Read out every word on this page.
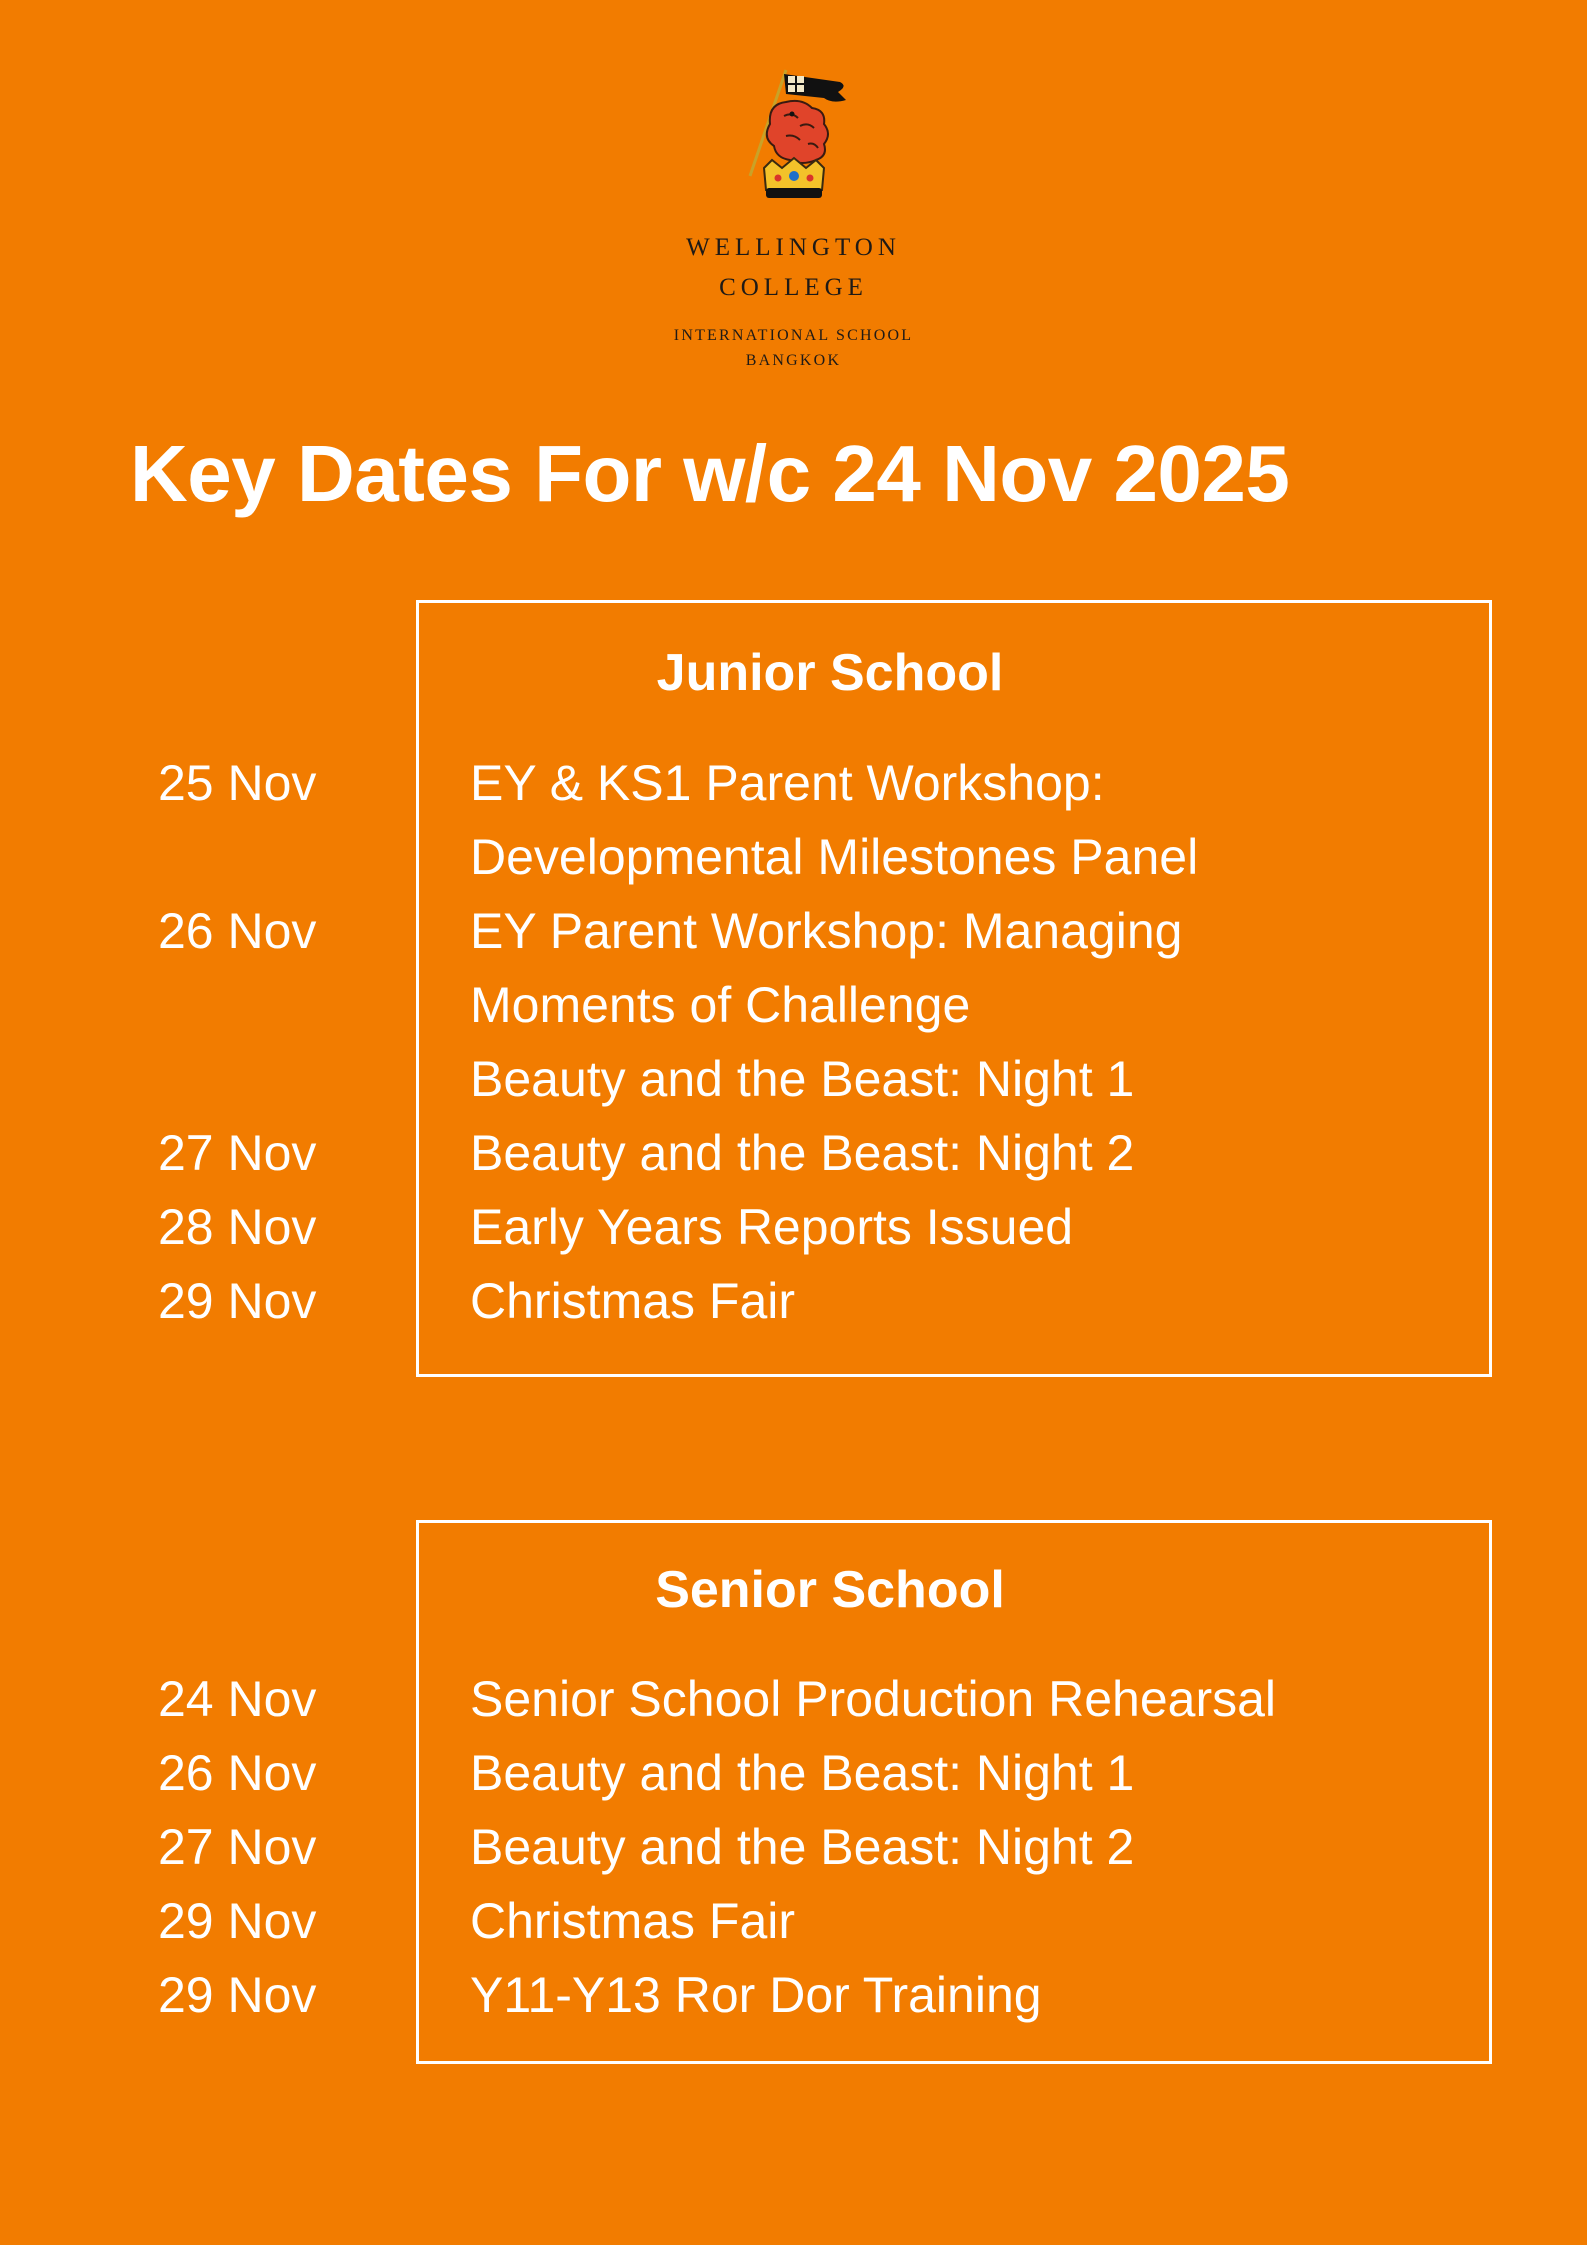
WELLINGTON
COLLEGE
INTERNATIONAL SCHOOL
BANGKOK
Key Dates For w/c 24 Nov 2025
Junior School
25 Nov	EY & KS1 Parent Workshop:
Developmental Milestones Panel
26 Nov	EY Parent Workshop: Managing
Moments of Challenge
Beauty and the Beast: Night 1
27 Nov	Beauty and the Beast: Night 2
28 Nov	Early Years Reports Issued
29 Nov	Christmas Fair
Senior School
24 Nov	Senior School Production Rehearsal
26 Nov	Beauty and the Beast: Night 1
27 Nov	Beauty and the Beast: Night 2
29 Nov	Christmas Fair
29 Nov	Y11-Y13 Ror Dor Training
